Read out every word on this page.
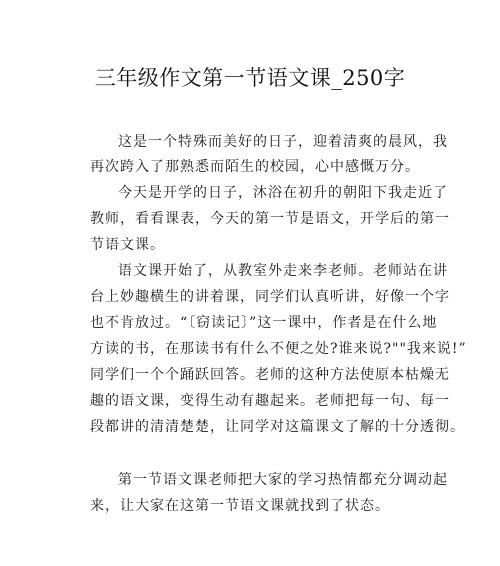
三年级作文第一节语文课_250字
这是一个特殊而美好的日子，迎着清爽的晨风，我
再次跨入了那熟悉而陌生的校园，心中感慨万分。
今天是开学的日子，沐浴在初升的朝阳下我走近了
教师，看看课表，今天的第一节是语文，开学后的第一
节语文课。
语文课开始了，从教室外走来李老师。老师站在讲
台上妙趣横生的讲着课，同学们认真听讲，好像一个字
也不肯放过。“〔窃读记〕”这一课中，作者是在什么地
方读的书，在那读书有什么不便之处?谁来说?""我来说!”
同学们一个个踊跃回答。老师的这种方法使原本枯燥无
趣的语文课，变得生动有趣起来。老师把每一句、每一
段都讲的清清楚楚，让同学对这篇课文了解的十分透彻。
第一节语文课老师把大家的学习热情都充分调动起
来，让大家在这第一节语文课就找到了状态。
